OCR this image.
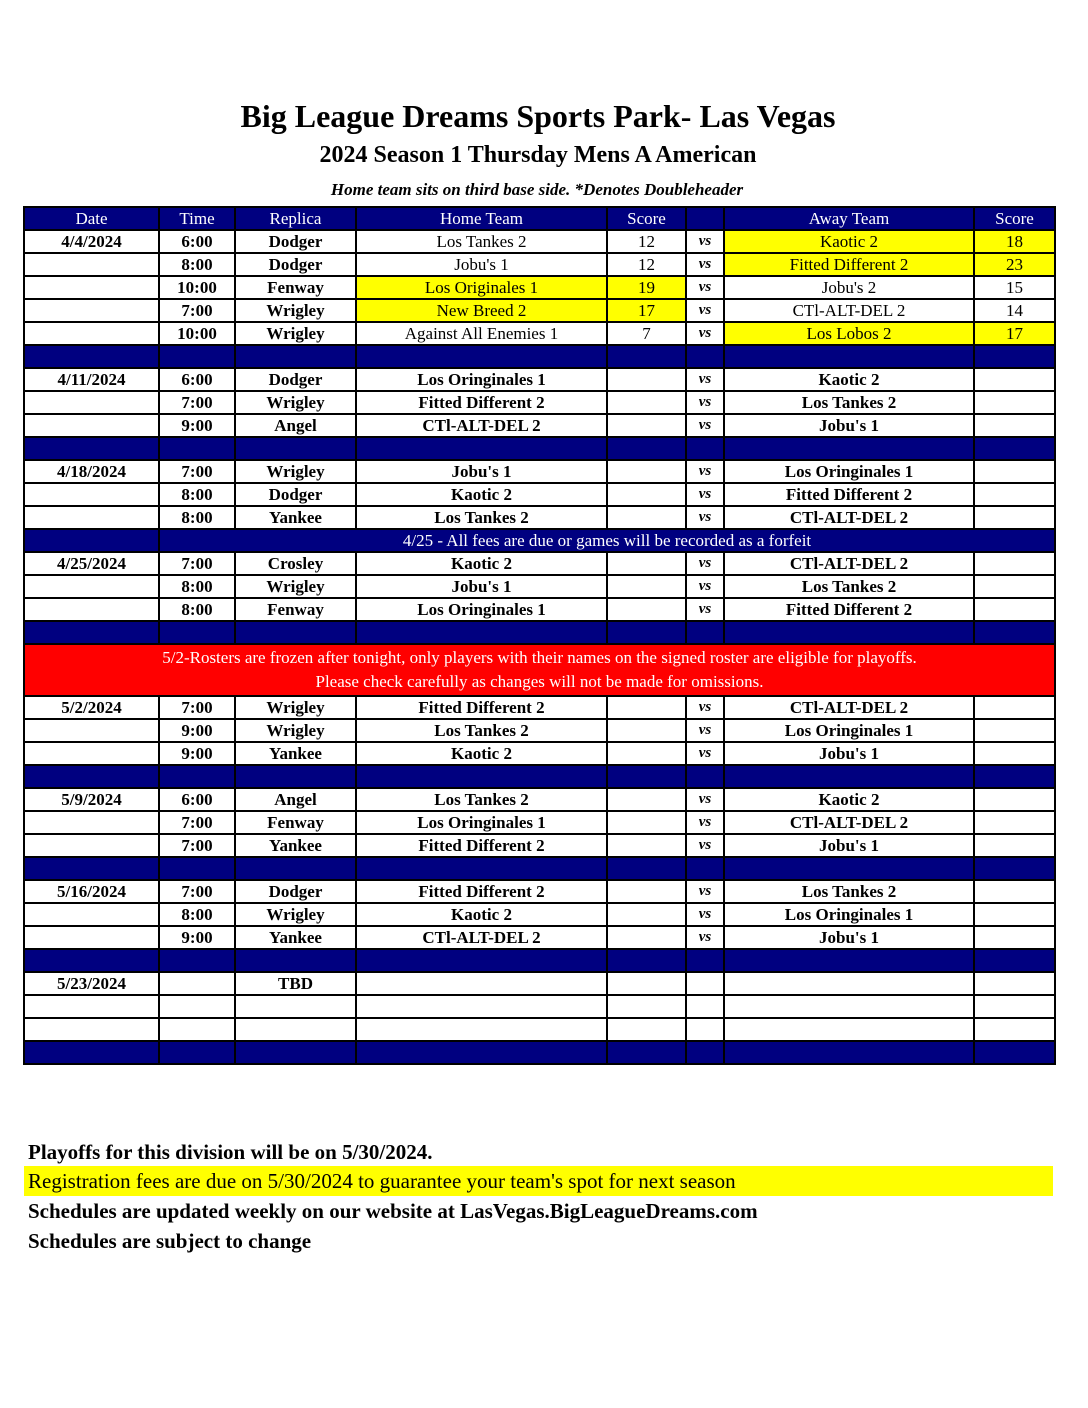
Big League Dreams Sports Park- Las Vegas
2024 Season 1 Thursday Mens A American
Home team sits on third base side. *Denotes Doubleheader
Date	Time	Replica	Home Team	Score		Away Team	Score
4/4/2024	6:00	Dodger	Los Tankes 2	12	vs	Kaotic 2	18
	8:00	Dodger	Jobu's 1	12	vs	Fitted Different 2	23
	10:00	Fenway	Los Originales 1	19	vs	Jobu's 2	15
	7:00	Wrigley	New Breed 2	17	vs	CTl-ALT-DEL 2	14
	10:00	Wrigley	Against All Enemies 1	7	vs	Los Lobos 2	17

4/11/2024	6:00	Dodger	Los Oringinales 1		vs	Kaotic 2	
	7:00	Wrigley	Fitted Different 2		vs	Los Tankes 2	
	9:00	Angel	CTl-ALT-DEL 2		vs	Jobu's 1	

4/18/2024	7:00	Wrigley	Jobu's 1		vs	Los Oringinales 1	
	8:00	Dodger	Kaotic 2		vs	Fitted Different 2	
	8:00	Yankee	Los Tankes 2		vs	CTl-ALT-DEL 2	
	4/25 - All fees are due or games will be recorded as a forfeit						
4/25/2024	7:00	Crosley	Kaotic 2		vs	CTl-ALT-DEL 2	
	8:00	Wrigley	Jobu's 1		vs	Los Tankes 2	
	8:00	Fenway	Los Oringinales 1		vs	Fitted Different 2	

5/2-Rosters are frozen after tonight, only players with their names on the signed roster are eligible for playoffs.
Please check carefully as changes will not be made for omissions.							

5/2/2024	7:00	Wrigley	Fitted Different 2		vs	CTl-ALT-DEL 2	
	9:00	Wrigley	Los Tankes 2		vs	Los Oringinales 1	
	9:00	Yankee	Kaotic 2		vs	Jobu's 1	

5/9/2024	6:00	Angel	Los Tankes 2		vs	Kaotic 2	
	7:00	Fenway	Los Oringinales 1		vs	CTl-ALT-DEL 2	
	7:00	Yankee	Fitted Different 2		vs	Jobu's 1	

5/16/2024	7:00	Dodger	Fitted Different 2		vs	Los Tankes 2	
	8:00	Wrigley	Kaotic 2		vs	Los Oringinales 1	
	9:00	Yankee	CTl-ALT-DEL 2		vs	Jobu's 1	

5/23/2024		TBD					

Playoffs for this division will be on 5/30/2024.
Registration fees are due on 5/30/2024 to guarantee your team's spot for next season
Schedules are updated weekly on our website at LasVegas.BigLeagueDreams.com
Schedules are subject to change
